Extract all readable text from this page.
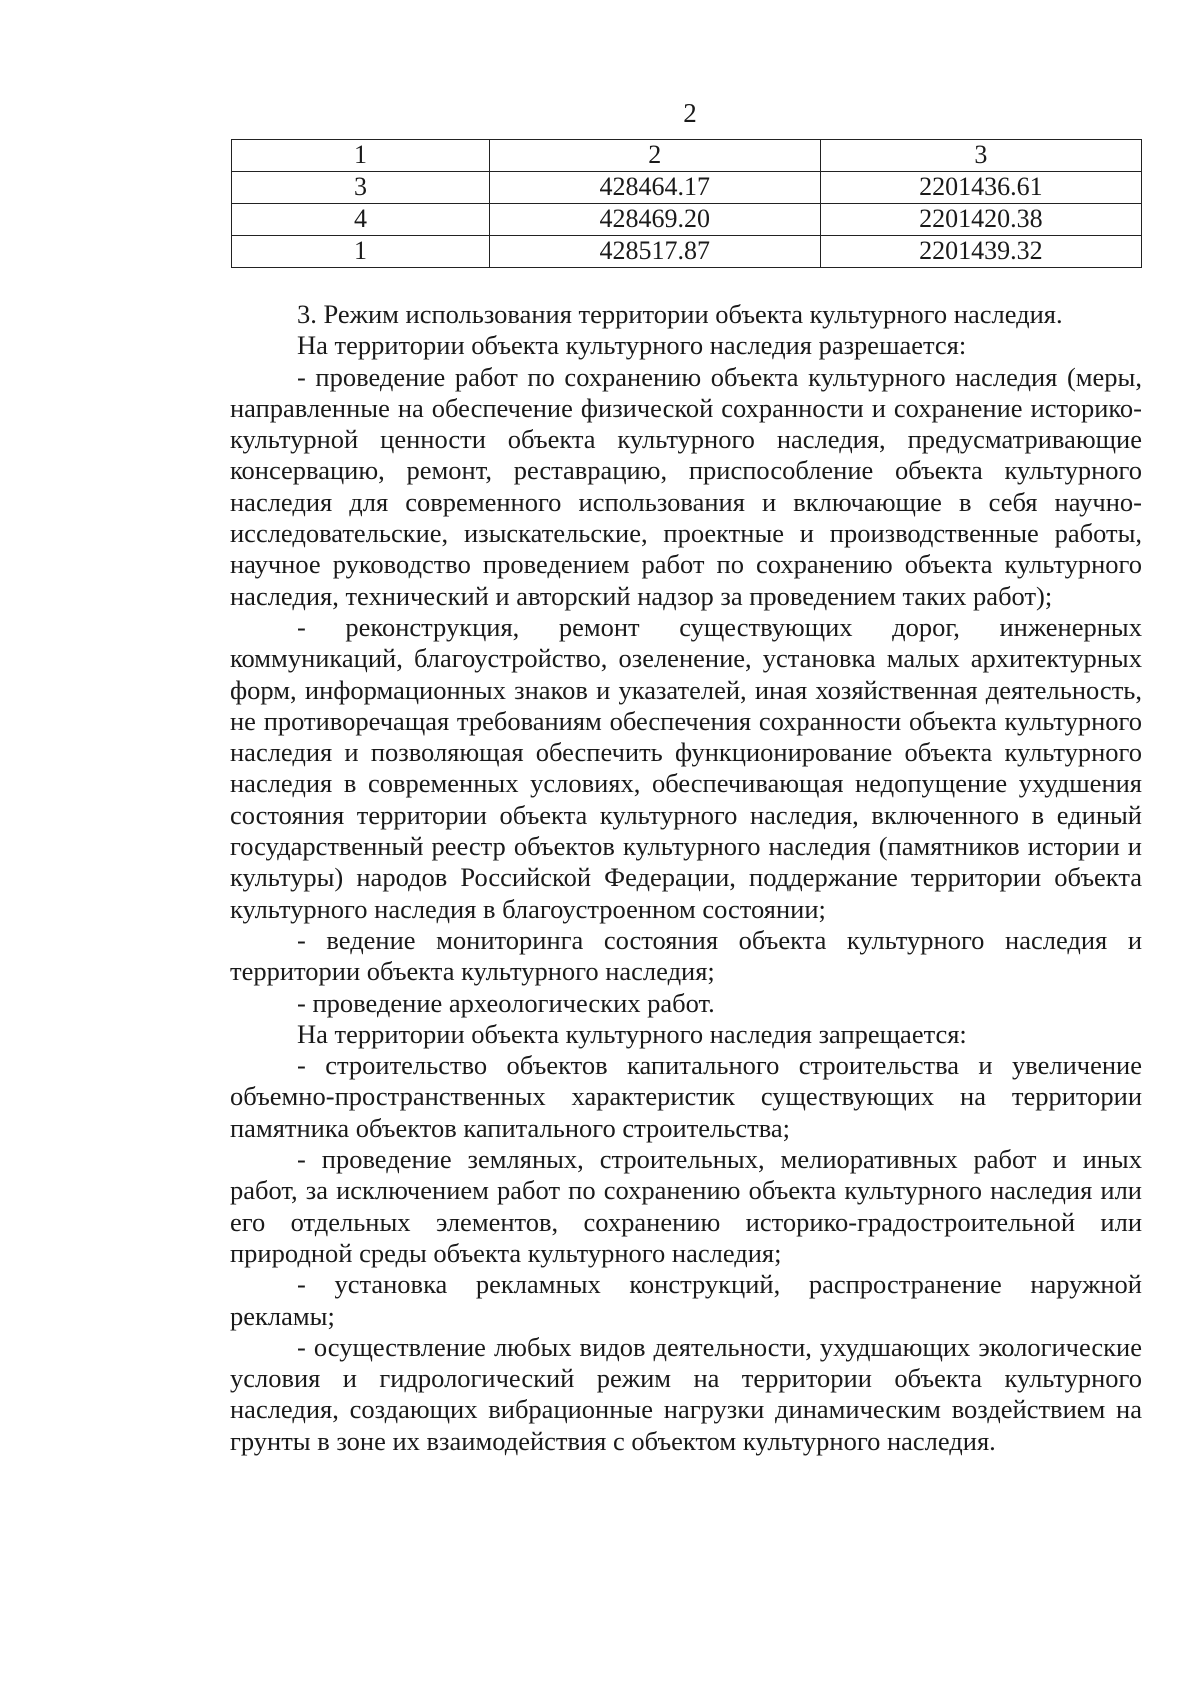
2
1	2	3
3	428464.17	2201436.61
4	428469.20	2201420.38
1	428517.87	2201439.32

3. Режим использования территории объекта культурного наследия.

На территории объекта культурного наследия разрешается:

- проведение работ по сохранению объекта культурного наследия (меры, направленные на обеспечение физической сохранности и сохранение историко-культурной ценности объекта культурного наследия, предусматривающие консервацию, ремонт, реставрацию, приспособление объекта культурного наследия для современного использования и включающие в себя научно-исследовательские, изыскательские, проектные и производственные работы, научное руководство проведением работ по сохранению объекта культурного наследия, технический и авторский надзор за проведением таких работ);

- реконструкция, ремонт существующих дорог, инженерных коммуникаций, благоустройство, озеленение, установка малых архитектурных форм, информационных знаков и указателей, иная хозяйственная деятельность, не противоречащая требованиям обеспечения сохранности объекта культурного наследия и позволяющая обеспечить функционирование объекта культурного наследия в современных условиях, обеспечивающая недопущение ухудшения состояния территории объекта культурного наследия, включенного в единый государственный реестр объектов культурного наследия (памятников истории и культуры) народов Российской Федерации, поддержание территории объекта культурного наследия в благоустроенном состоянии;

- ведение мониторинга состояния объекта культурного наследия и территории объекта культурного наследия;

- проведение археологических работ.

На территории объекта культурного наследия запрещается:

- строительство объектов капитального строительства и увеличение объемно-пространственных характеристик существующих на территории памятника объектов капитального строительства;

- проведение земляных, строительных, мелиоративных работ и иных работ, за исключением работ по сохранению объекта культурного наследия или его отдельных элементов, сохранению историко-градостроительной или природной среды объекта культурного наследия;

- установка рекламных конструкций, распространение наружной рекламы;

- осуществление любых видов деятельности, ухудшающих экологические условия и гидрологический режим на территории объекта культурного наследия, создающих вибрационные нагрузки динамическим воздействием на грунты в зоне их взаимодействия с объектом культурного наследия.
